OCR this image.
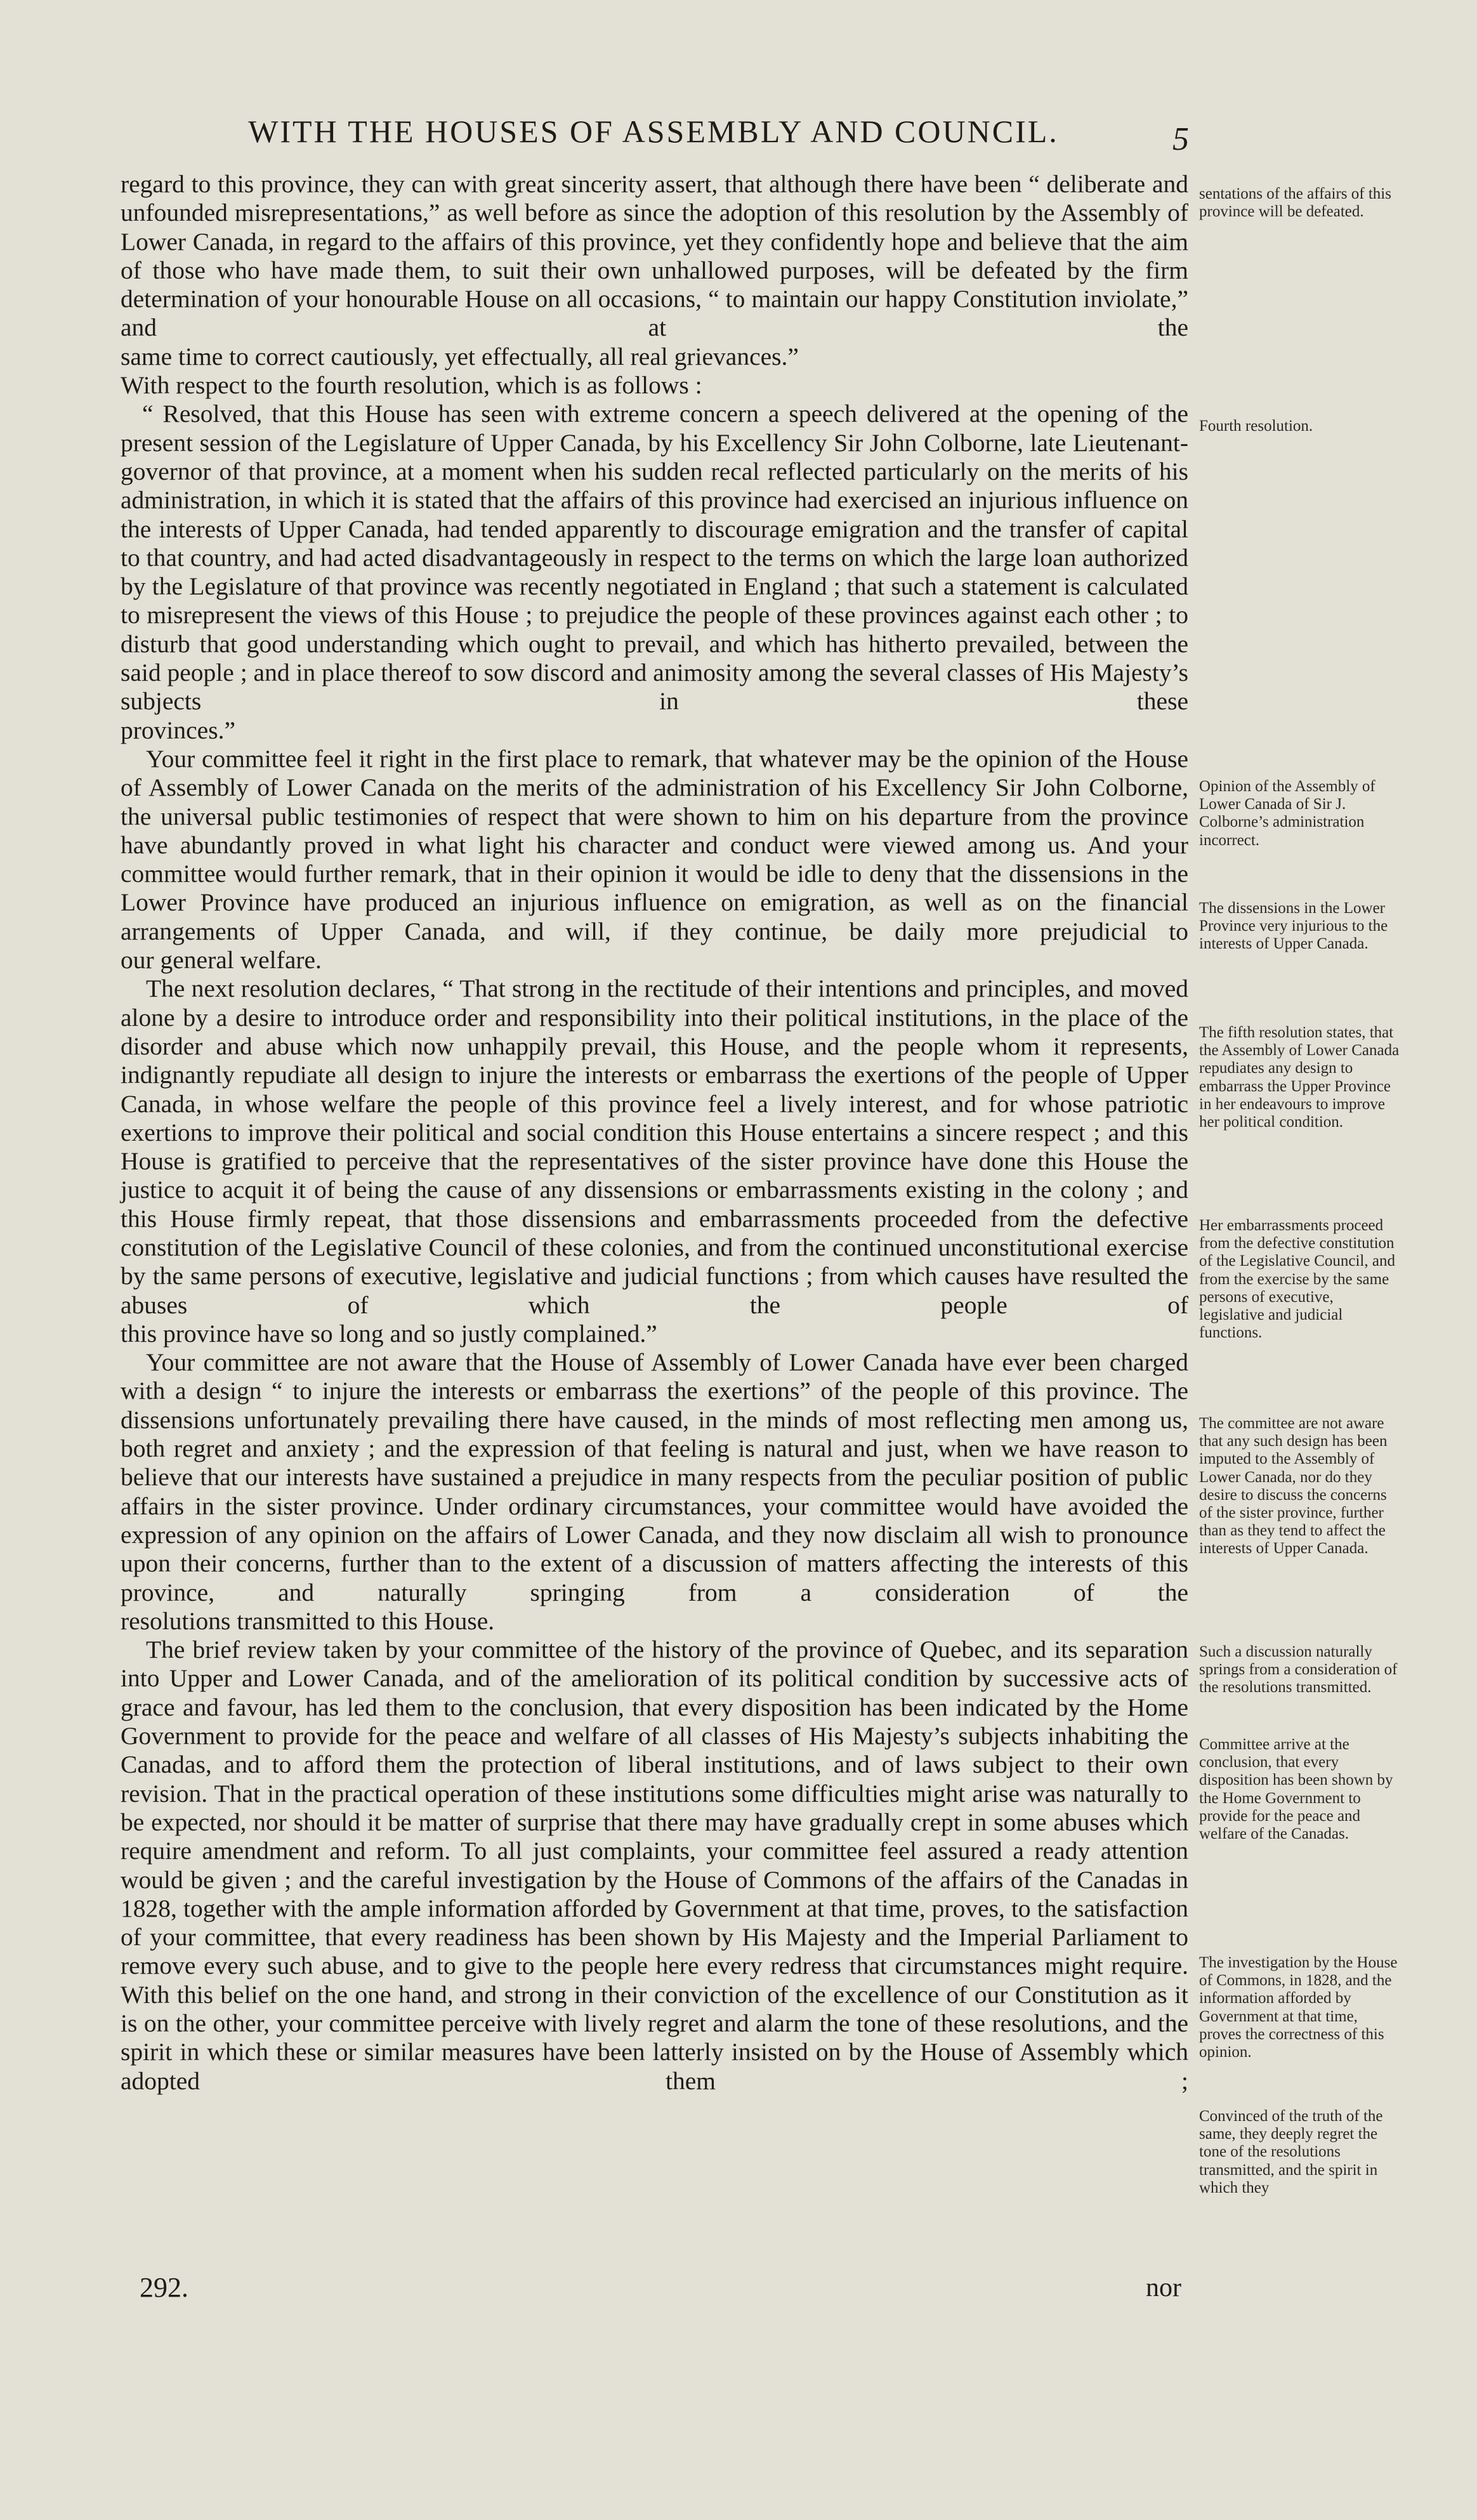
WITH THE HOUSES OF ASSEMBLY AND COUNCIL.	5

regard to this province, they can with great sincerity assert, that although there have been “ deliberate and unfounded misrepresentations,” as well before as since the adoption of this resolution by the Assembly of Lower Canada, in regard to the affairs of this province, yet they confidently hope and believe that the aim of those who have made them, to suit their own unhallowed purposes, will be defeated by the firm determination of your honourable House on all occasions, “ to maintain our happy Constitution inviolate,” and at the
same time to correct cautiously, yet effectually, all real grievances.”

With respect to the fourth resolution, which is as follows :

“ Resolved, that this House has seen with extreme concern a speech delivered at the opening of the present session of the Legislature of Upper Canada, by his Excellency Sir John Colborne, late Lieutenant-governor of that province, at a moment when his sudden recal reflected particularly on the merits of his administration, in which it is stated that the affairs of this province had exercised an injurious influence on the interests of Upper Canada, had tended apparently to discourage emigration and the transfer of capital to that country, and had acted disadvantageously in respect to the terms on which the large loan authorized by the Legislature of that province was recently negotiated in England ; that such a statement is calculated to misrepresent the views of this House ; to prejudice the people of these provinces against each other ; to disturb that good understanding which ought to prevail, and which has hitherto prevailed, between the said people ; and in place thereof to sow discord and animosity among the several classes of His Majesty’s subjects in these
provinces.”

Your committee feel it right in the first place to remark, that whatever may be the opinion of the House of Assembly of Lower Canada on the merits of the administration of his Excellency Sir John Colborne, the universal public testimonies of respect that were shown to him on his departure from the province have abundantly proved in what light his character and conduct were viewed among us. And your committee would further remark, that in their opinion it would be idle to deny that the dissensions in the Lower Province have produced an injurious influence on emigration, as well as on the financial arrangements of Upper Canada, and will, if they continue, be daily more prejudicial to
our general welfare.

The next resolution declares, “ That strong in the rectitude of their intentions and principles, and moved alone by a desire to introduce order and responsibility into their political institutions, in the place of the disorder and abuse which now unhappily prevail, this House, and the people whom it represents, indignantly repudiate all design to injure the interests or embarrass the exertions of the people of Upper Canada, in whose welfare the people of this province feel a lively interest, and for whose patriotic exertions to improve their political and social condition this House entertains a sincere respect ; and this House is gratified to perceive that the representatives of the sister province have done this House the justice to acquit it of being the cause of any dissensions or embarrassments existing in the colony ; and this House firmly repeat, that those dissensions and embarrassments proceeded from the defective constitution of the Legislative Council of these colonies, and from the continued unconstitutional exercise by the same persons of executive, legislative and judicial functions ; from which causes have resulted the abuses of which the people of
this province have so long and so justly complained.”

Your committee are not aware that the House of Assembly of Lower Canada have ever been charged with a design “ to injure the interests or embarrass the exertions” of the people of this province. The dissensions unfortunately prevailing there have caused, in the minds of most reflecting men among us, both regret and anxiety ; and the expression of that feeling is natural and just, when we have reason to believe that our interests have sustained a prejudice in many respects from the peculiar position of public affairs in the sister province. Under ordinary circumstances, your committee would have avoided the expression of any opinion on the affairs of Lower Canada, and they now disclaim all wish to pronounce upon their concerns, further than to the extent of a discussion of matters affecting the interests of this province, and naturally springing from a consideration of the
resolutions transmitted to this House.

The brief review taken by your committee of the history of the province of Quebec, and its separation into Upper and Lower Canada, and of the amelioration of its political condition by successive acts of grace and favour, has led them to the conclusion, that every disposition has been indicated by the Home Government to provide for the peace and welfare of all classes of His Majesty’s subjects inhabiting the Canadas, and to afford them the protection of liberal institutions, and of laws subject to their own revision. That in the practical operation of these institutions some difficulties might arise was naturally to be expected, nor should it be matter of surprise that there may have gradually crept in some abuses which require amendment and reform. To all just complaints, your committee feel assured a ready attention would be given ; and the careful investigation by the House of Commons of the affairs of the Canadas in 1828, together with the ample information afforded by Government at that time, proves, to the satisfaction of your committee, that every readiness has been shown by His Majesty and the Imperial Parliament to remove every such abuse, and to give to the people here every redress that circumstances might require. With this belief on the one hand, and strong in their conviction of the excellence of our Constitution as it is on the other, your committee perceive with lively regret and alarm the tone of these resolutions, and the spirit in which these or similar measures have been latterly insisted on by the House of Assembly which adopted them ;

sentations of the affairs of this province will be defeated.
Fourth resolution.
Opinion of the Assembly of Lower Canada of Sir J. Colborne’s administration incorrect.
The dissensions in the Lower Province very injurious to the interests of Upper Canada.
The fifth resolution states, that the Assembly of Lower Canada repudiates any design to embarrass the Upper Province in her endeavours to improve her political condition.
Her embarrassments proceed from the defective constitution of the Legislative Council, and from the exercise by the same persons of executive, legislative and judicial functions.
The committee are not aware that any such design has been imputed to the Assembly of Lower Canada, nor do they desire to discuss the concerns of the sister province, further than as they tend to affect the interests of Upper Canada.
Such a discussion naturally springs from a consideration of the resolutions transmitted.
Committee arrive at the conclusion, that every disposition has been shown by the Home Government to provide for the peace and welfare of the Canadas.
The investigation by the House of Commons, in 1828, and the information afforded by Government at that time, proves the correctness of this opinion.
Convinced of the truth of the same, they deeply regret the tone of the resolutions transmitted, and the spirit in which they
292.	nor
